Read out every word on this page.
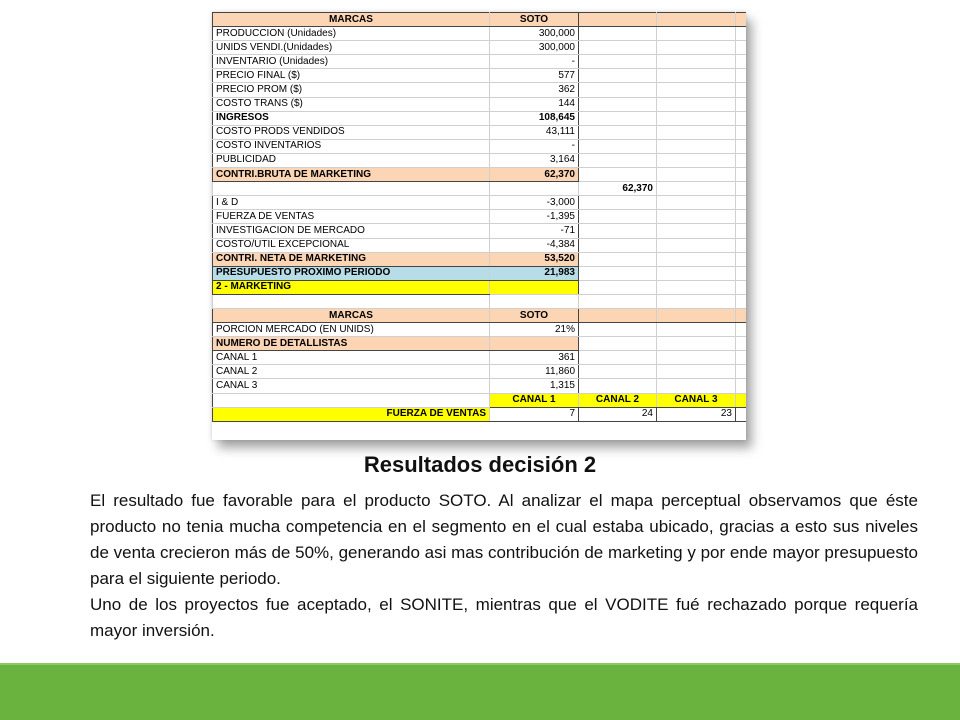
MARCAS	SOTO			
PRODUCCION (Unidades)	300,000			
UNIDS VENDI.(Unidades)	300,000			
INVENTARIO (Unidades)	-			
PRECIO FINAL ($)	577			
PRECIO PROM ($)	362			
COSTO TRANS ($)	144			
INGRESOS	108,645			
COSTO PRODS VENDIDOS	43,111			
COSTO INVENTARIOS	-			
PUBLICIDAD	3,164			
CONTRI.BRUTA DE MARKETING	62,370			
		62,370		
I & D	-3,000			
FUERZA DE VENTAS	-1,395			
INVESTIGACION DE MERCADO	-71			
COSTO/UTIL EXCEPCIONAL	-4,384			
CONTRI. NETA DE MARKETING	53,520			
PRESUPUESTO PROXIMO PERIODO	21,983			
2 - MARKETING				

MARCAS	SOTO			
PORCION MERCADO (EN UNIDS)	21%			
NUMERO DE DETALLISTAS				
CANAL 1	361			
CANAL 2	11,860			
CANAL 3	1,315			
	CANAL 1	CANAL 2	CANAL 3	
FUERZA DE VENTAS	7	24	23	
Resultados decisión 2

El resultado fue favorable para el producto SOTO. Al analizar el mapa perceptual observamos que éste producto no tenia mucha competencia en el segmento en el cual estaba ubicado, gracias a esto sus niveles de venta crecieron más de 50%, generando asi mas contribución de marketing y por ende mayor presupuesto para el siguiente periodo.

Uno de los proyectos fue aceptado, el SONITE, mientras que el VODITE fué rechazado porque requería mayor inversión.
